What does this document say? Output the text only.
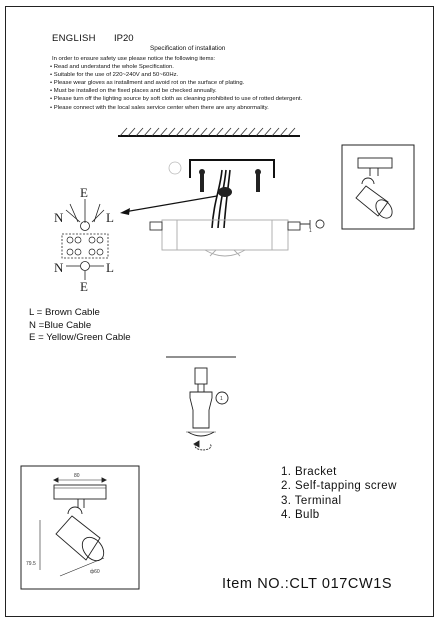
ENGLISH IP20
Specification of installation
In order to ensure safety use please notice the following items:
• Read and understand the whole Specification.
• Suitable for the use of 220~240V and 50~60Hz.
• Please wear gloves as installment and avoid rot on the surface of plating.
• Must be installed on the fixed places and be checked annually.
• Please turn off the lighting source by soft cloth as cleaning prohibited to use of rotted detergent.
• Please connect with the local sales service center when there are any abnormality.
1
E
N	L
N	L
E
L = Brown Cable
N =Blue Cable
E = Yellow/Green Cable
1
80
79.5
ф60
1. Bracket
2. Self-tapping screw
3. Terminal
4. Bulb
Item NO.:CLT 017CW1S
